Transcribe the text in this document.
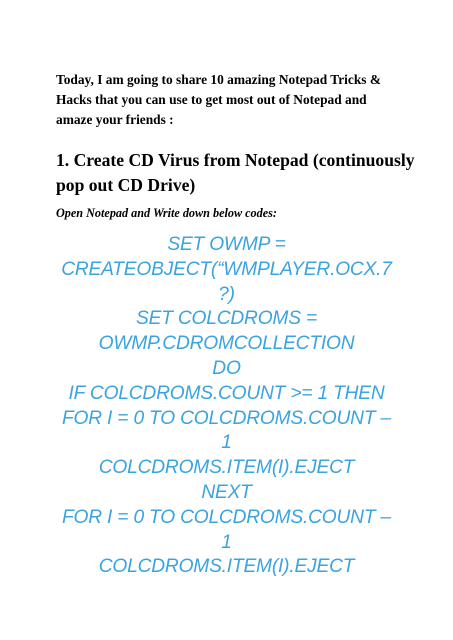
Today, I am going to share 10 amazing Notepad Tricks &
Hacks that you can use to get most out of Notepad and
amaze your friends :

1. Create CD Virus from Notepad (continuously
pop out CD Drive)

Open Notepad and Write down below codes:

SET OWMP =
CREATEOBJECT(“WMPLAYER.OCX.7
?)
SET COLCDROMS =
OWMP.CDROMCOLLECTION
DO
IF COLCDROMS.COUNT >= 1 THEN
FOR I = 0 TO COLCDROMS.COUNT –
1
COLCDROMS.ITEM(I).EJECT
NEXT
FOR I = 0 TO COLCDROMS.COUNT –
1
COLCDROMS.ITEM(I).EJECT
